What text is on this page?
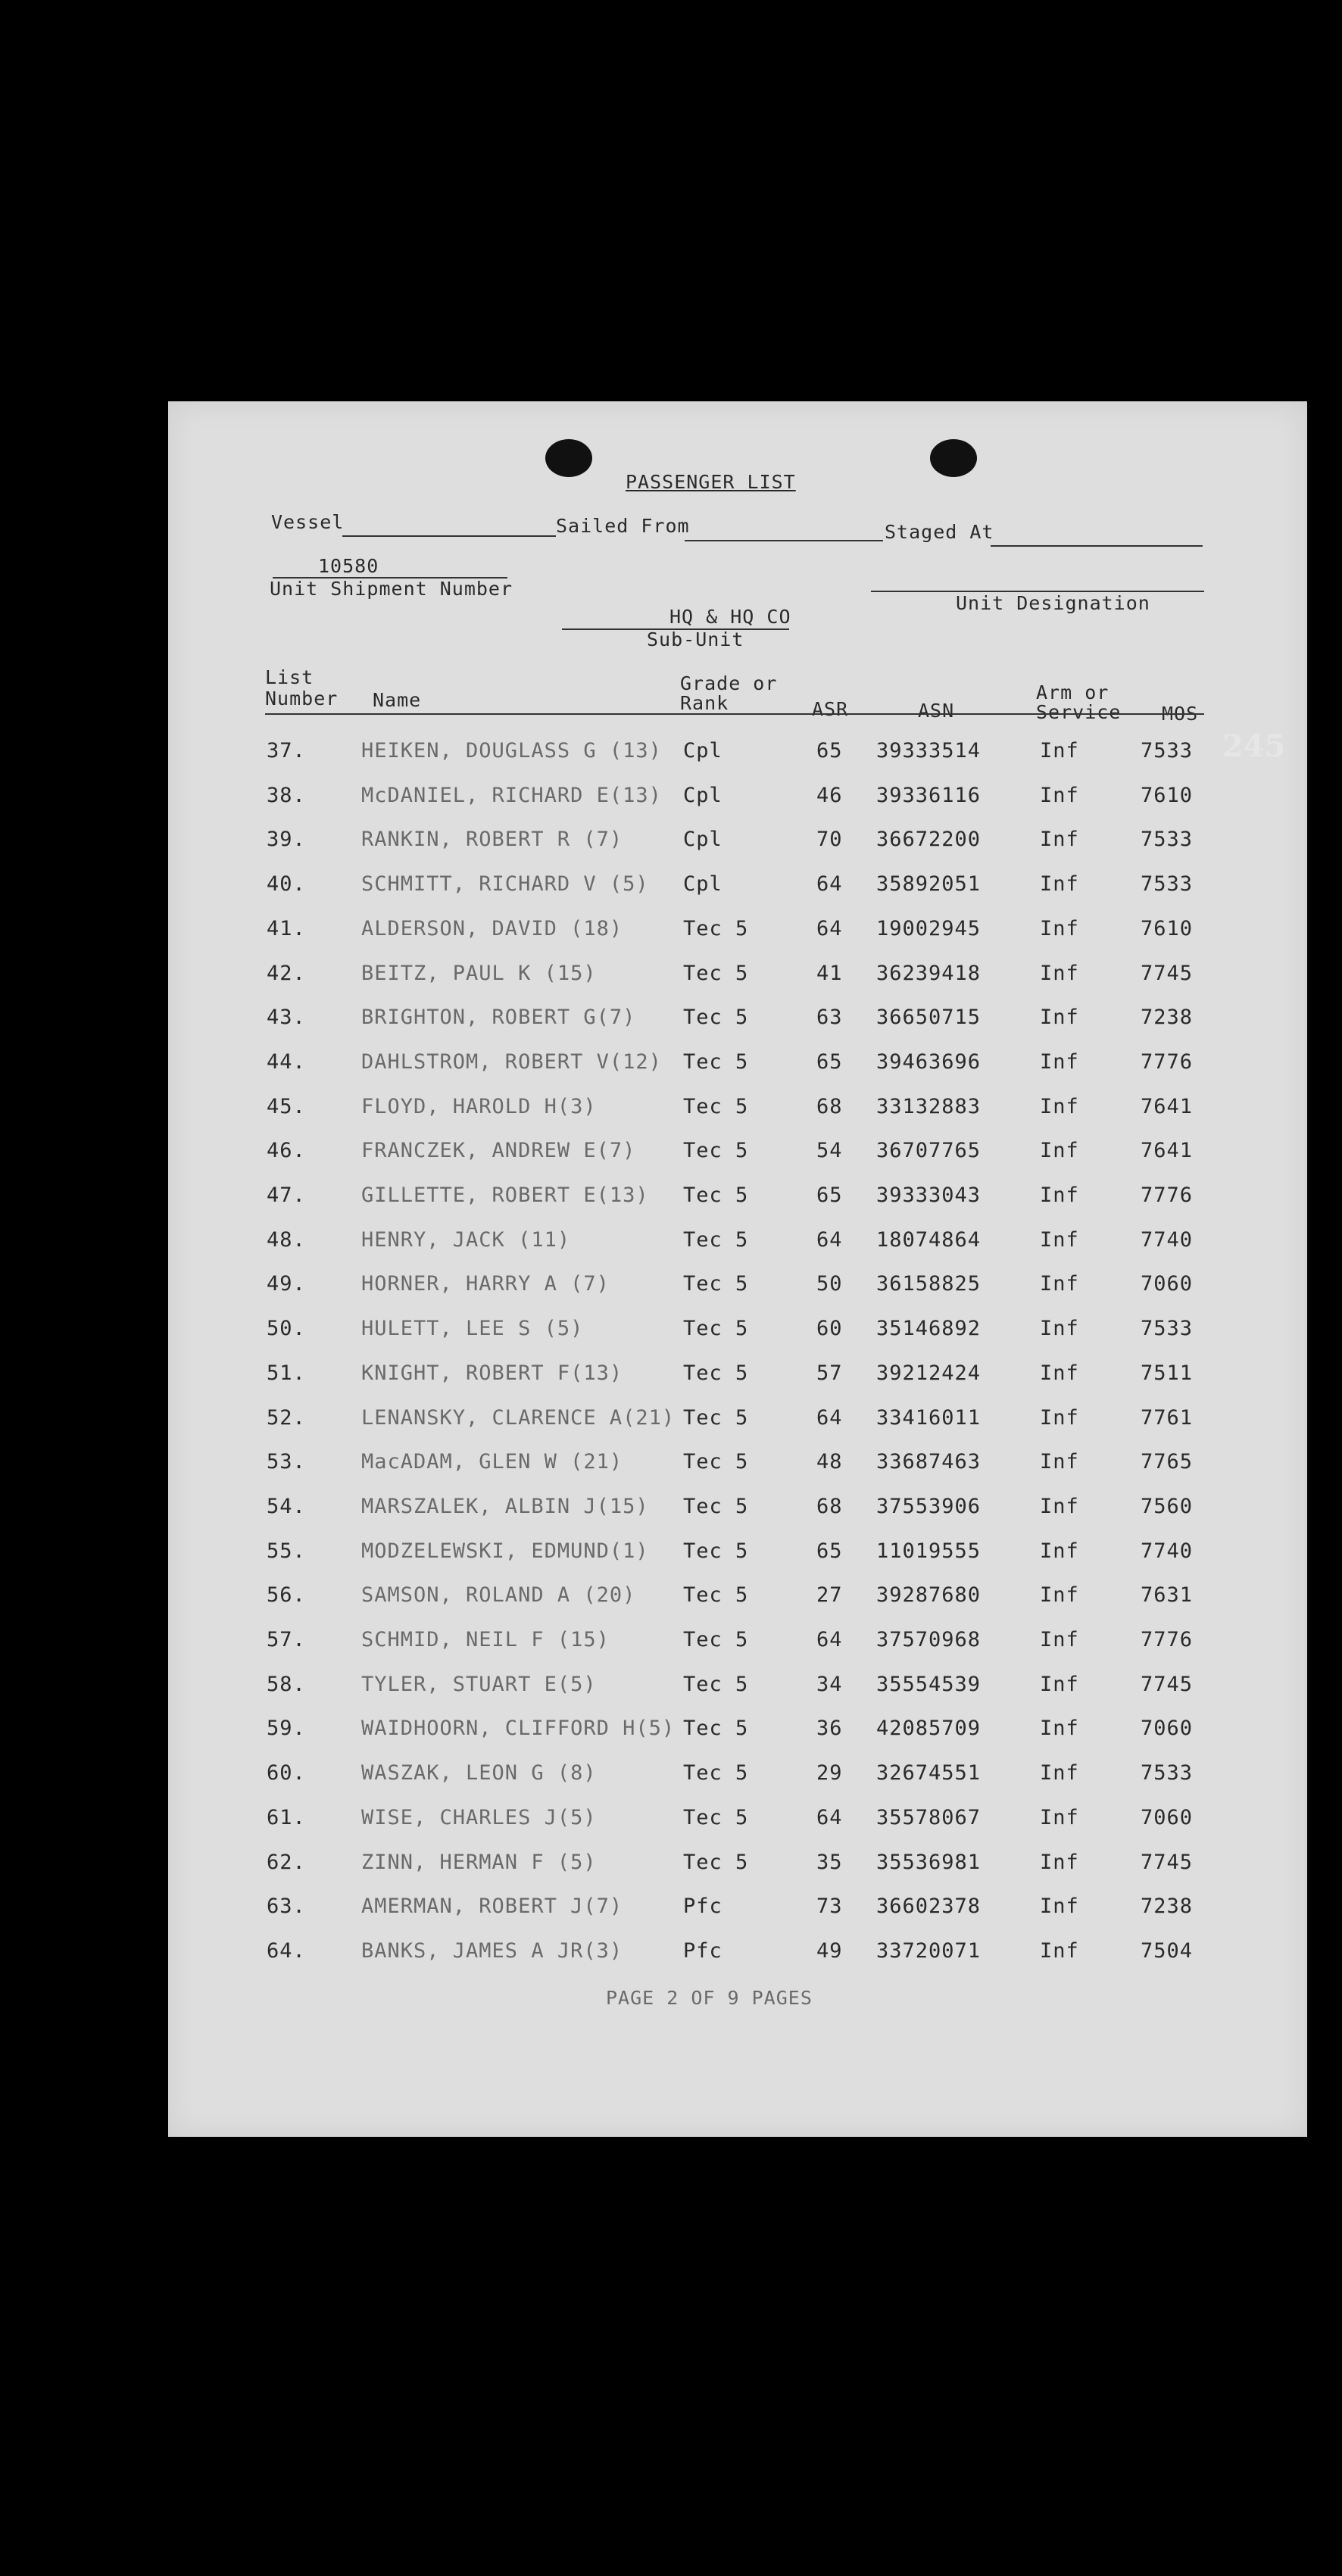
PASSENGER LIST
Vessel	Sailed From	Staged At
10580
Unit Shipment Number
Unit Designation
HQ & HQ CO
Sub-Unit
List
Number Name
Grade or
Rank	ASR	ASN
Arm or
Service MOS
37.	HEIKEN, DOUGLASS G (13) Cpl	65 39333514	Inf	7533
38.	McDANIEL, RICHARD E(13) Cpl	46 39336116	Inf	7610
39.	RANKIN, ROBERT R (7)	Cpl	70 36672200	Inf	7533
40.	SCHMITT, RICHARD V (5) Cpl	64 35892051	Inf	7533
41.	ALDERSON, DAVID (18)	Tec 5	64 19002945	Inf	7610
42.	BEITZ, PAUL K (15)	Tec 5	41 36239418	Inf	7745
43.	BRIGHTON, ROBERT G(7) Tec 5	63 36650715	Inf	7238
44.	DAHLSTROM, ROBERT V(12) Tec 5	65 39463696	Inf	7776
45.	FLOYD, HAROLD H(3)	Tec 5	68 33132883	Inf	7641
46.	FRANCZEK, ANDREW E(7) Tec 5	54 36707765	Inf	7641
47.	GILLETTE, ROBERT E(13) Tec 5	65 39333043	Inf	7776
48.	HENRY, JACK (11)	Tec 5	64 18074864	Inf	7740
49.	HORNER, HARRY A (7)	Tec 5	50 36158825	Inf	7060
50.	HULETT, LEE S (5)	Tec 5	60 35146892	Inf	7533
51.	KNIGHT, ROBERT F(13)	Tec 5	57 39212424	Inf	7511
52.	LENANSKY, CLARENCE A(21) Tec 5	64 33416011	Inf	7761
53.	MacADAM, GLEN W (21)	Tec 5	48 33687463	Inf	7765
54.	MARSZALEK, ALBIN J(15) Tec 5	68 37553906	Inf	7560
55.	MODZELEWSKI, EDMUND(1) Tec 5	65 11019555	Inf	7740
56.	SAMSON, ROLAND A (20) Tec 5	27 39287680	Inf	7631
57.	SCHMID, NEIL F (15)	Tec 5	64 37570968	Inf	7776
58.	TYLER, STUART E(5)	Tec 5	34 35554539	Inf	7745
59.	WAIDHOORN, CLIFFORD H(5) Tec 5	36 42085709	Inf	7060
60.	WASZAK, LEON G (8)	Tec 5	29 32674551	Inf	7533
61.	WISE, CHARLES J(5)	Tec 5	64 35578067	Inf	7060
62.	ZINN, HERMAN F (5)	Tec 5	35 35536981	Inf	7745
63.	AMERMAN, ROBERT J(7)	Pfc	73 36602378	Inf	7238
64.	BANKS, JAMES A JR(3)	Pfc	49 33720071	Inf	7504
PAGE 2 OF 9 PAGES
245
